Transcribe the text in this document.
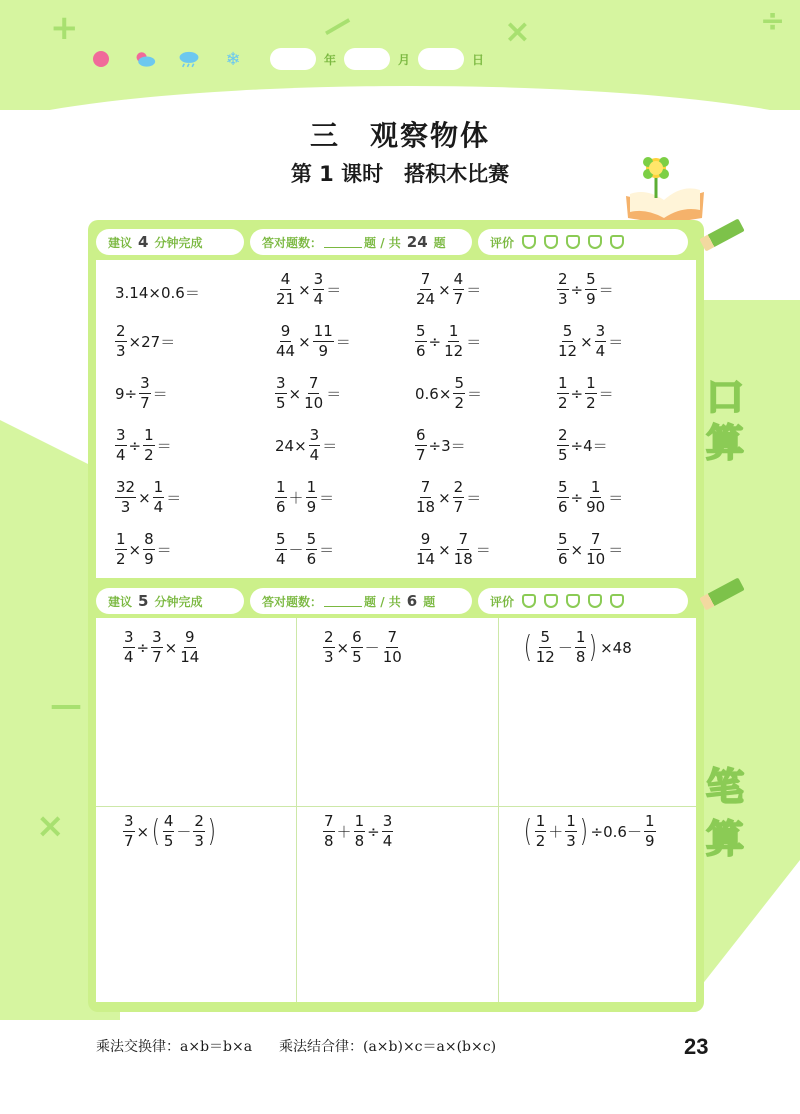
+	—	×	÷
—
×
❄	年	月	日
三　观察物体
第 1 课时　搭积木比赛
建议 4 分钟完成	答对题数：	题 / 共 24 题	评价
3.14×0.6＝	$\frac{4}{21} \times \frac{3}{4}$ ＝	$\frac{7}{24} \times \frac{4}{7}$ ＝	$\frac{2}{3} \div \frac{5}{9}$ ＝
$\frac{2}{3} \times 27=$	$\frac{9}{44} \times \frac{11}{9}$ ＝	$\frac{5}{6} \div \frac{1}{12}$ ＝	$\frac{5}{12} \times \frac{3}{4}$ ＝
$9\div \frac{3}{7}$ ＝	$\frac{3}{5} \times \frac{7}{10}$ ＝	$0.6\times \frac{5}{2}$ ＝	$\frac{1}{2} \div \frac{1}{2}$ ＝
$\frac{3}{4} \div \frac{1}{2}$ ＝	$24\times \frac{3}{4}$ ＝	$\frac{6}{7} \div 3=$	$\frac{2}{5} \div 4=$
$\frac{32}{3} \times \frac{1}{4}$ ＝	$\frac{1}{6} + \frac{1}{9}$ ＝	$\frac{7}{18} \times \frac{2}{7}$ ＝	$\frac{5}{6} \div \frac{1}{90}$ ＝
$\frac{1}{2} \times \frac{8}{9}$ ＝	$\frac{5}{4} - \frac{5}{6}$ ＝	$\frac{9}{14} \times \frac{7}{18}$ ＝	$\frac{5}{6} \times \frac{7}{10}$ ＝
建议 5 分钟完成	答对题数：	题 / 共 6 题	评价
$\frac{3}{4} \div \frac{3}{7} \times \frac{9}{14}$	$\frac{2}{3} \times \frac{6}{5} - \frac{7}{10}$	( $\frac{5}{12} - \frac{1}{8}$ ) ×48
$\frac{3}{7}$ × ( $\frac{4}{5} - \frac{2}{3}$ )	$\frac{7}{8} + \frac{1}{8} \div \frac{3}{4}$	( $\frac{1}{2} + \frac{1}{3}$ ) $\div 0.6- \frac{1}{9}$
口
算
笔
算
乘法交换律：a×b＝b×a 乘法结合律：(a×b)×c＝a×(b×c)	23
